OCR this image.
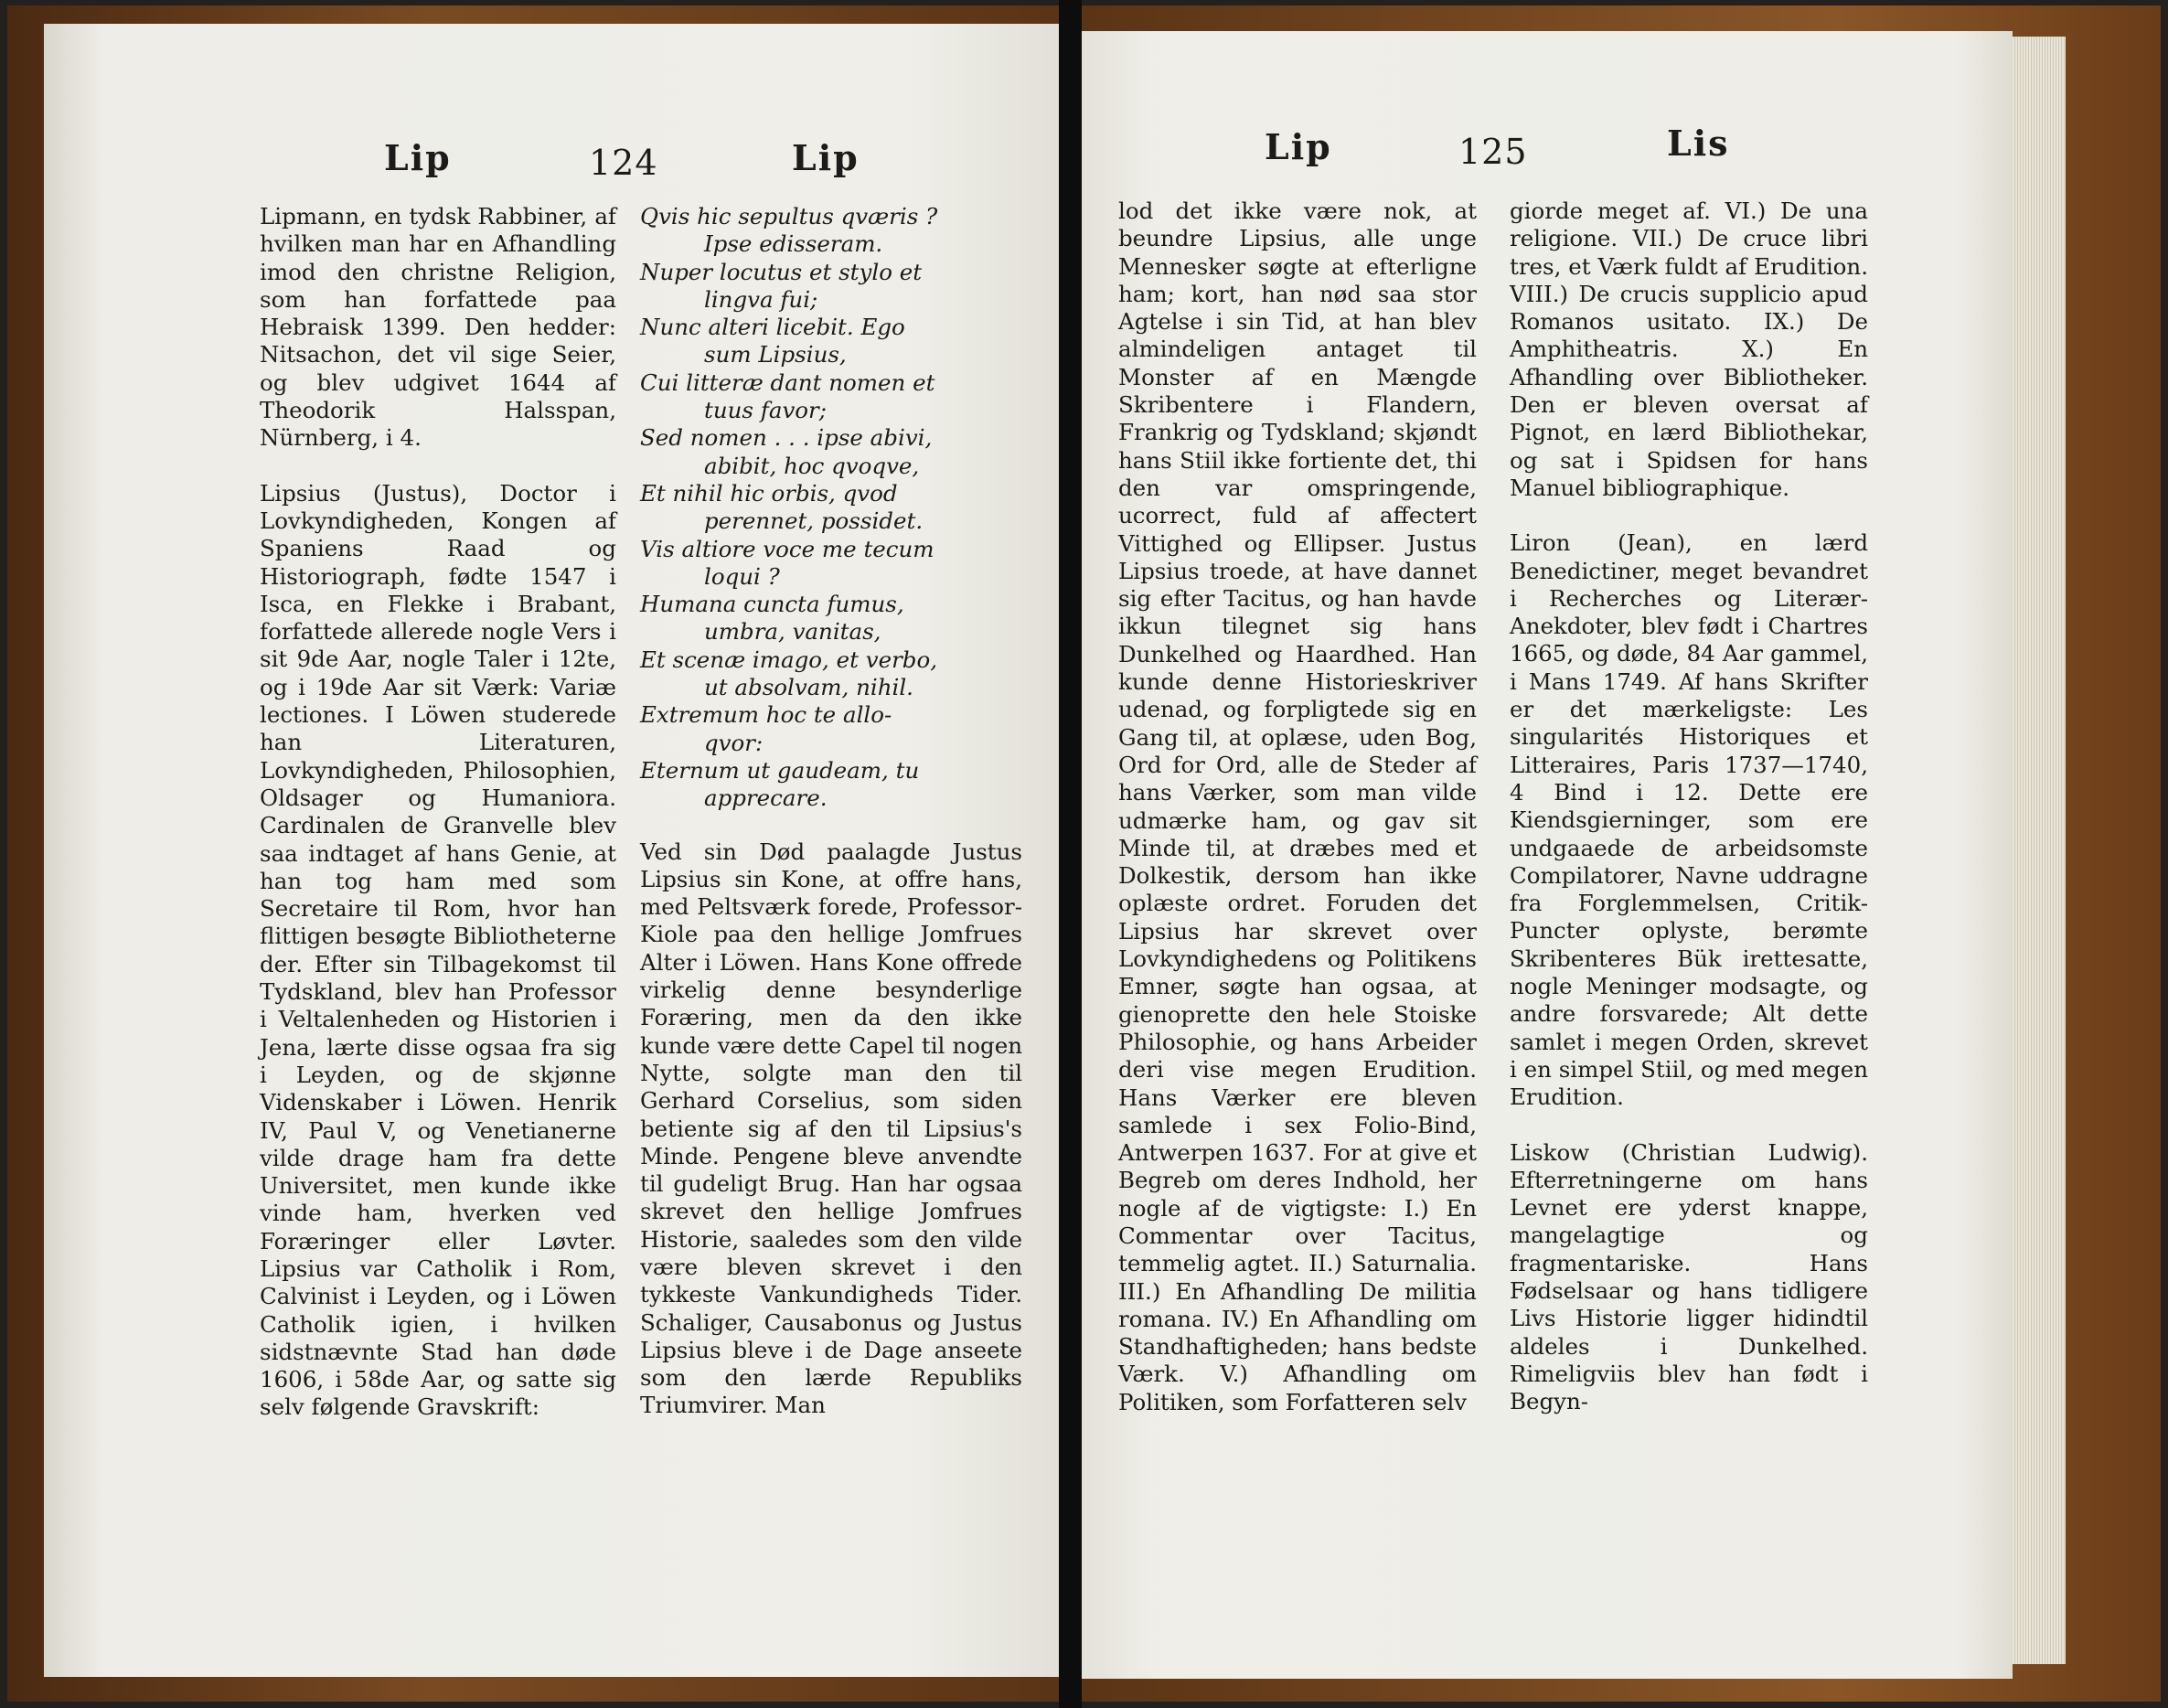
Lip	124	Lip

Lipmann, en tydsk Rabbiner, af hvilken man har en Afhandling imod den christne Religion, som han forfattede paa Hebraisk 1399. Den hedder: Nitsachon, det vil sige Seier, og blev udgivet 1644 af Theodorik Halsspan, Nürnberg, i 4.

Lipsius (Justus), Doctor i Lovkyndigheden, Kongen af Spaniens Raad og Historiograph, fødte 1547 i Isca, en Flekke i Brabant, forfattede allerede nogle Vers i sit 9de Aar, nogle Taler i 12te, og i 19de Aar sit Værk: Variæ lectiones. I Löwen studerede han Literaturen, Lovkyndigheden, Philosophien, Oldsager og Humaniora. Cardinalen de Granvelle blev saa indtaget af hans Genie, at han tog ham med som Secretaire til Rom, hvor han flittigen besøgte Bibliotheterne der. Efter sin Tilbagekomst til Tydskland, blev han Professor i Veltalenheden og Historien i Jena, lærte disse ogsaa fra sig i Leyden, og de skjønne Videnskaber i Löwen. Henrik IV, Paul V, og Venetianerne vilde drage ham fra dette Universitet, men kunde ikke vinde ham, hverken ved Foræringer eller Løvter. Lipsius var Catholik i Rom, Calvinist i Leyden, og i Löwen Catholik igien, i hvilken sidstnævnte Stad han døde 1606, i 58de Aar, og satte sig selv følgende Gravskrift:

Qvis hic sepultus qværis ?
Ipse edisseram.
Nuper locutus et stylo et
lingva fui;
Nunc alteri licebit. Ego
sum Lipsius,
Cui litteræ dant nomen et
tuus favor;
Sed nomen . . . ipse abivi,
abibit, hoc qvoqve,
Et nihil hic orbis, qvod
perennet, possidet.
Vis altiore voce me tecum
loqui ?
Humana cuncta fumus,
umbra, vanitas,
Et scenæ imago, et verbo,
ut absolvam, nihil.
Extremum hoc te allo-
qvor:
Eternum ut gaudeam, tu
apprecare.

Ved sin Død paalagde Justus Lipsius sin Kone, at offre hans, med Peltsværk forede, Professor-Kiole paa den hellige Jomfrues Alter i Löwen. Hans Kone offrede virkelig denne besynderlige Foræring, men da den ikke kunde være dette Capel til nogen Nytte, solgte man den til Gerhard Corselius, som siden betiente sig af den til Lipsius's Minde. Pengene bleve anvendte til gudeligt Brug. Han har ogsaa skrevet den hellige Jomfrues Historie, saaledes som den vilde være bleven skrevet i den tykkeste Vankundigheds Tider. Schaliger, Causabonus og Justus Lipsius bleve i de Dage anseete som den lærde Republiks Triumvirer. Man

Lip	125	Lis

lod det ikke være nok, at beundre Lipsius, alle unge Mennesker søgte at efterligne ham; kort, han nød saa stor Agtelse i sin Tid, at han blev almindeligen antaget til Monster af en Mængde Skribentere i Flandern, Frankrig og Tydskland; skjøndt hans Stiil ikke fortiente det, thi den var omspringende, ucorrect, fuld af affectert Vittighed og Ellipser. Justus Lipsius troede, at have dannet sig efter Tacitus, og han havde ikkun tilegnet sig hans Dunkelhed og Haardhed. Han kunde denne Historieskriver udenad, og forpligtede sig en Gang til, at oplæse, uden Bog, Ord for Ord, alle de Steder af hans Værker, som man vilde udmærke ham, og gav sit Minde til, at dræbes med et Dolkestik, dersom han ikke oplæste ordret. Foruden det Lipsius har skrevet over Lovkyndighedens og Politikens Emner, søgte han ogsaa, at gienoprette den hele Stoiske Philosophie, og hans Arbeider deri vise megen Erudition. Hans Værker ere bleven samlede i sex Folio-Bind, Antwerpen 1637. For at give et Begreb om deres Indhold, her nogle af de vigtigste: I.) En Commentar over Tacitus, temmelig agtet. II.) Saturnalia. III.) En Afhandling De militia romana. IV.) En Afhandling om Standhaftigheden; hans bedste Værk. V.) Afhandling om Politiken, som Forfatteren selv

giorde meget af. VI.) De una religione. VII.) De cruce libri tres, et Værk fuldt af Erudition. VIII.) De crucis supplicio apud Romanos usitato. IX.) De Amphitheatris. X.) En Afhandling over Bibliotheker. Den er bleven oversat af Pignot, en lærd Bibliothekar, og sat i Spidsen for hans Manuel bibliographique.

Liron (Jean), en lærd Benedictiner, meget bevandret i Recherches og Literær-Anekdoter, blev født i Chartres 1665, og døde, 84 Aar gammel, i Mans 1749. Af hans Skrifter er det mærkeligste: Les singularités Historiques et Litteraires, Paris 1737—1740, 4 Bind i 12. Dette ere Kiendsgierninger, som ere undgaaede de arbeidsomste Compilatorer, Navne uddragne fra Forglemmelsen, Critik-Puncter oplyste, berømte Skribenteres Bük irettesatte, nogle Meninger modsagte, og andre forsvarede; Alt dette samlet i megen Orden, skrevet i en simpel Stiil, og med megen Erudition.

Liskow (Christian Ludwig). Efterretningerne om hans Levnet ere yderst knappe, mangelagtige og fragmentariske. Hans Fødselsaar og hans tidligere Livs Historie ligger hidindtil aldeles i Dunkelhed. Rimeligviis blev han født i Begyn-
